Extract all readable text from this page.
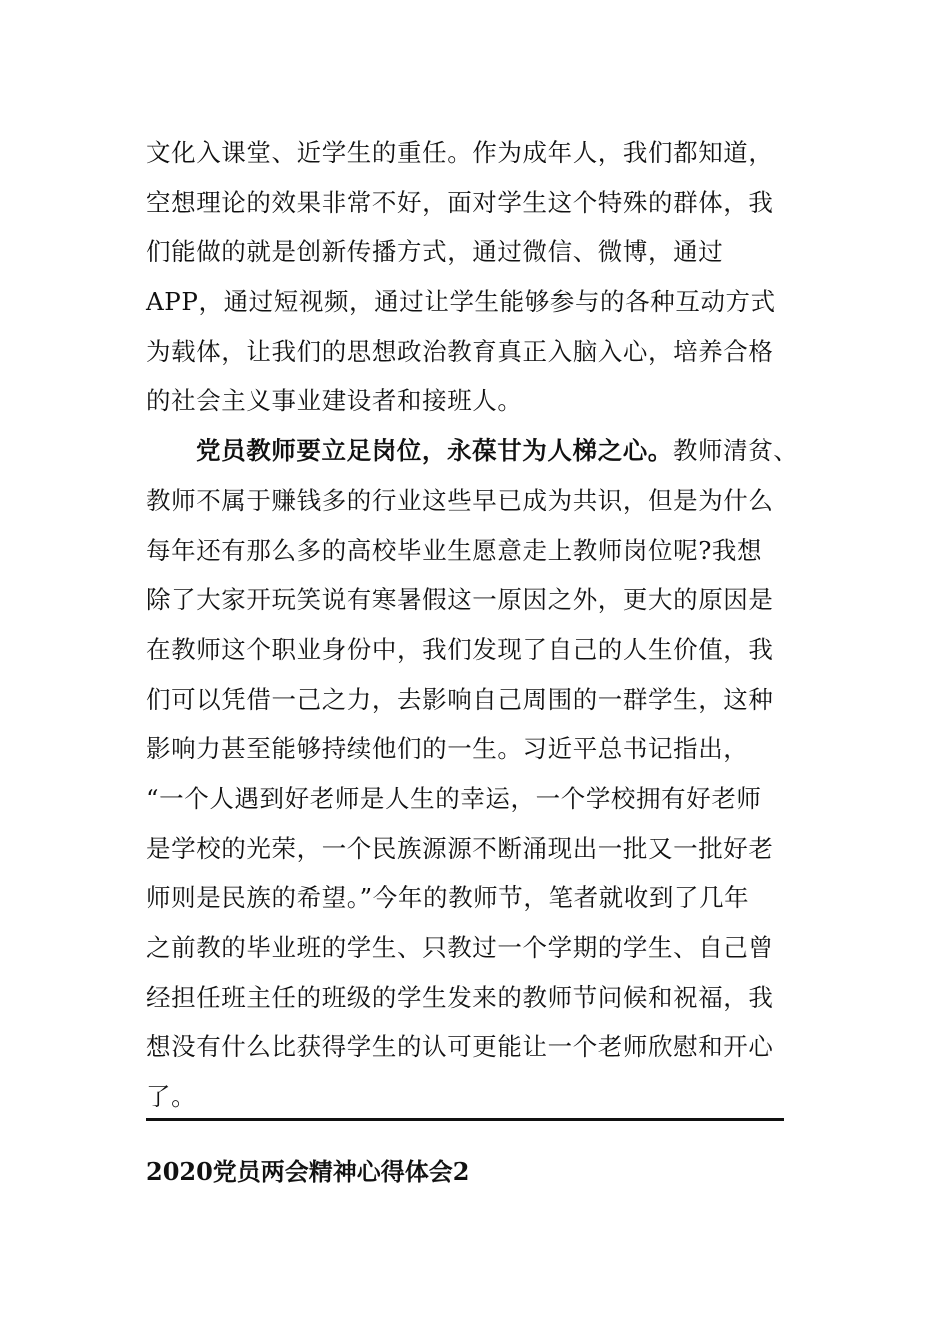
文化入课堂、近学生的重任。作为成年人，我们都知道，
空想理论的效果非常不好，面对学生这个特殊的群体，我
们能做的就是创新传播方式，通过微信、微博，通过
APP，通过短视频，通过让学生能够参与的各种互动方式
为载体，让我们的思想政治教育真正入脑入心，培养合格
的社会主义事业建设者和接班人。
党员教师要立足岗位，永葆甘为人梯之心。教师清贫、
教师不属于赚钱多的行业这些早已成为共识，但是为什么
每年还有那么多的高校毕业生愿意走上教师岗位呢?我想
除了大家开玩笑说有寒暑假这一原因之外，更大的原因是
在教师这个职业身份中，我们发现了自己的人生价值，我
们可以凭借一己之力，去影响自己周围的一群学生，这种
影响力甚至能够持续他们的一生。习近平总书记指出，
“一个人遇到好老师是人生的幸运，一个学校拥有好老师
是学校的光荣，一个民族源源不断涌现出一批又一批好老
师则是民族的希望。”今年的教师节，笔者就收到了几年
之前教的毕业班的学生、只教过一个学期的学生、自己曾
经担任班主任的班级的学生发来的教师节问候和祝福，我
想没有什么比获得学生的认可更能让一个老师欣慰和开心
了。
2020党员两会精神心得体会2
